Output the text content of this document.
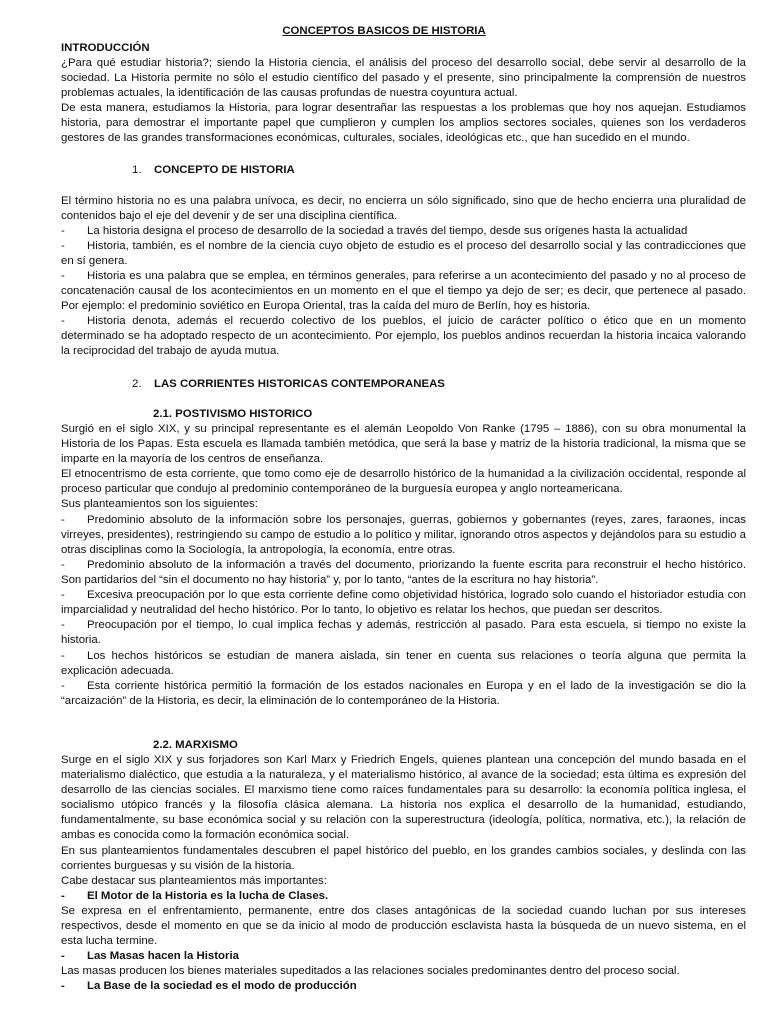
CONCEPTOS BASICOS DE HISTORIA

INTRODUCCIÓN

¿Para qué estudiar historia?; siendo la Historia ciencia, el análisis del proceso del desarrollo social, debe servir al desarrollo de la sociedad. La Historia permite no sólo el estudio científico del pasado y el presente, sino principalmente la comprensión de nuestros problemas actuales, la identificación de las causas profundas de nuestra coyuntura actual.

De esta manera, estudiamos la Historia, para lograr desentrañar las respuestas a los problemas que hoy nos aquejan. Estudiamos historia, para demostrar el importante papel que cumplieron y cumplen los amplios sectores sociales, quienes son los verdaderos gestores de las grandes transformaciones económicas, culturales, sociales, ideológicas etc., que han sucedido en el mundo.

1. CONCEPTO DE HISTORIA

El término historia no es una palabra unívoca, es decir, no encierra un sólo significado, sino que de hecho encierra una pluralidad de contenidos bajo el eje del devenir y de ser una disciplina científica.

- La historia designa el proceso de desarrollo de la sociedad a través del tiempo, desde sus orígenes hasta la actualidad

- Historia, también, es el nombre de la ciencia cuyo objeto de estudio es el proceso del desarrollo social y las contradicciones que en sí genera.

- Historia es una palabra que se emplea, en términos generales, para referirse a un acontecimiento del pasado y no al proceso de concatenación causal de los acontecimientos en un momento en el que el tiempo ya dejo de ser; es decir, que pertenece al pasado. Por ejemplo: el predominio soviético en Europa Oriental, tras la caída del muro de Berlín, hoy es historia.

- Historia denota, además el recuerdo colectivo de los pueblos, el juicio de carácter político o ético que en un momento determinado se ha adoptado respecto de un acontecimiento. Por ejemplo, los pueblos andinos recuerdan la historia incaica valorando la reciprocidad del trabajo de ayuda mutua.

2. LAS CORRIENTES HISTORICAS CONTEMPORANEAS

2.1. POSTIVISMO HISTORICO

Surgió en el siglo XIX, y su principal representante es el alemán Leopoldo Von Ranke (1795 – 1886), con su obra monumental la Historia de los Papas. Esta escuela es llamada también metódica, que será la base y matriz de la historia tradicional, la misma que se imparte en la mayoría de los centros de enseñanza.

El etnocentrismo de esta corriente, que tomo como eje de desarrollo histórico de la humanidad a la civilización occidental, responde al proceso particular que condujo al predominio contemporáneo de la burguesía europea y anglo norteamericana.

Sus planteamientos son los siguientes:

- Predominio absoluto de la información sobre los personajes, guerras, gobiernos y gobernantes (reyes, zares, faraones, incas virreyes, presidentes), restringiendo su campo de estudio a lo político y militar, ignorando otros aspectos y dejándolos para su estudio a otras disciplinas como la Sociología, la antropología, la economía, entre otras.

- Predominio absoluto de la información a través del documento, priorizando la fuente escrita para reconstruir el hecho histórico. Son partidarios del “sin el documento no hay historia” y, por lo tanto, “antes de la escritura no hay historia”.

- Excesiva preocupación por lo que esta corriente define como objetividad histórica, logrado solo cuando el historiador estudia con imparcialidad y neutralidad del hecho histórico. Por lo tanto, lo objetivo es relatar los hechos, que puedan ser descritos.

- Preocupación por el tiempo, lo cual implica fechas y además, restricción al pasado. Para esta escuela, si tiempo no existe la historia.

- Los hechos históricos se estudian de manera aislada, sin tener en cuenta sus relaciones o teoría alguna que permita la explicación adecuada.

- Esta corriente histórica permitió la formación de los estados nacionales en Europa y en el lado de la investigación se dio la “arcaización” de la Historia, es decir, la eliminación de lo contemporáneo de la Historia.

2.2. MARXISMO

Surge en el siglo XIX y sus forjadores son Karl Marx y Friedrich Engels, quienes plantean una concepción del mundo basada en el materialismo dialéctico, que estudia a la naturaleza, y el materialismo histórico, al avance de la sociedad; esta última es expresión del desarrollo de las ciencias sociales. El marxismo tiene como raíces fundamentales para su desarrollo: la economía política inglesa, el socialismo utópico francés y la filosofía clásica alemana. La historia nos explica el desarrollo de la humanidad, estudiando, fundamentalmente, su base económica social y su relación con la superestructura (ideología, política, normativa, etc.), la relación de ambas es conocida como la formación económica social.

En sus planteamientos fundamentales descubren el papel histórico del pueblo, en los grandes cambios sociales, y deslinda con las corrientes burguesas y su visión de la historia.

Cabe destacar sus planteamientos más importantes:

- El Motor de la Historia es la lucha de Clases.

Se expresa en el enfrentamiento, permanente, entre dos clases antagónicas de la sociedad cuando luchan por sus intereses respectivos, desde el momento en que se da inicio al modo de producción esclavista hasta la búsqueda de un nuevo sistema, en el esta lucha termine.

- Las Masas hacen la Historia

Las masas producen los bienes materiales supeditados a las relaciones sociales predominantes dentro del proceso social.

- La Base de la sociedad es el modo de producción
